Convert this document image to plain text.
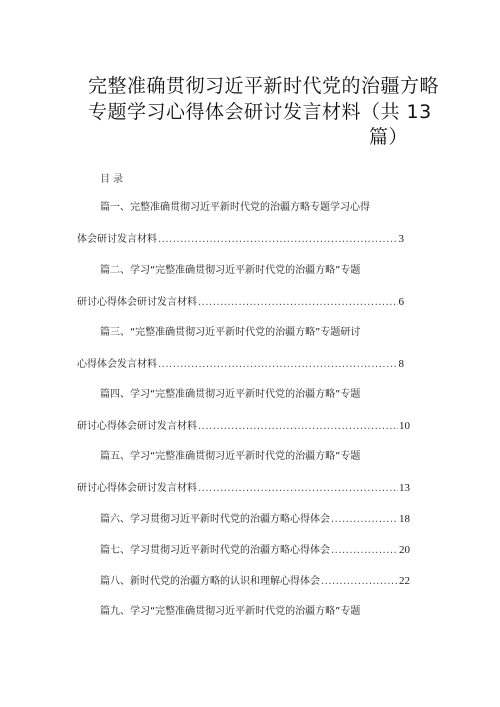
完整准确贯彻习近平新时代党的治疆方略
专题学习心得体会研讨发言材料（共 13
篇）
目录
篇一、完整准确贯彻习近平新时代党的治疆方略专题学习心得
体会研讨发言材料 .....	3
篇二、学习“完整准确贯彻习近平新时代党的治疆方略”专题
研讨心得体会研讨发言材料 .....	6
篇三、“完整准确贯彻习近平新时代党的治疆方略”专题研讨
心得体会发言材料 .....	8
篇四、学习“完整准确贯彻习近平新时代党的治疆方略”专题
研讨心得体会研讨发言材料 .....	10
篇五、学习“完整准确贯彻习近平新时代党的治疆方略”专题
研讨心得体会研讨发言材料 .....	13
篇六、学习贯彻习近平新时代党的治疆方略心得体会 .....	18
篇七、学习贯彻习近平新时代党的治疆方略心得体会 .....	20
篇八、新时代党的治疆方略的认识和理解心得体会 .....	22
篇九、学习“完整准确贯彻习近平新时代党的治疆方略”专题
